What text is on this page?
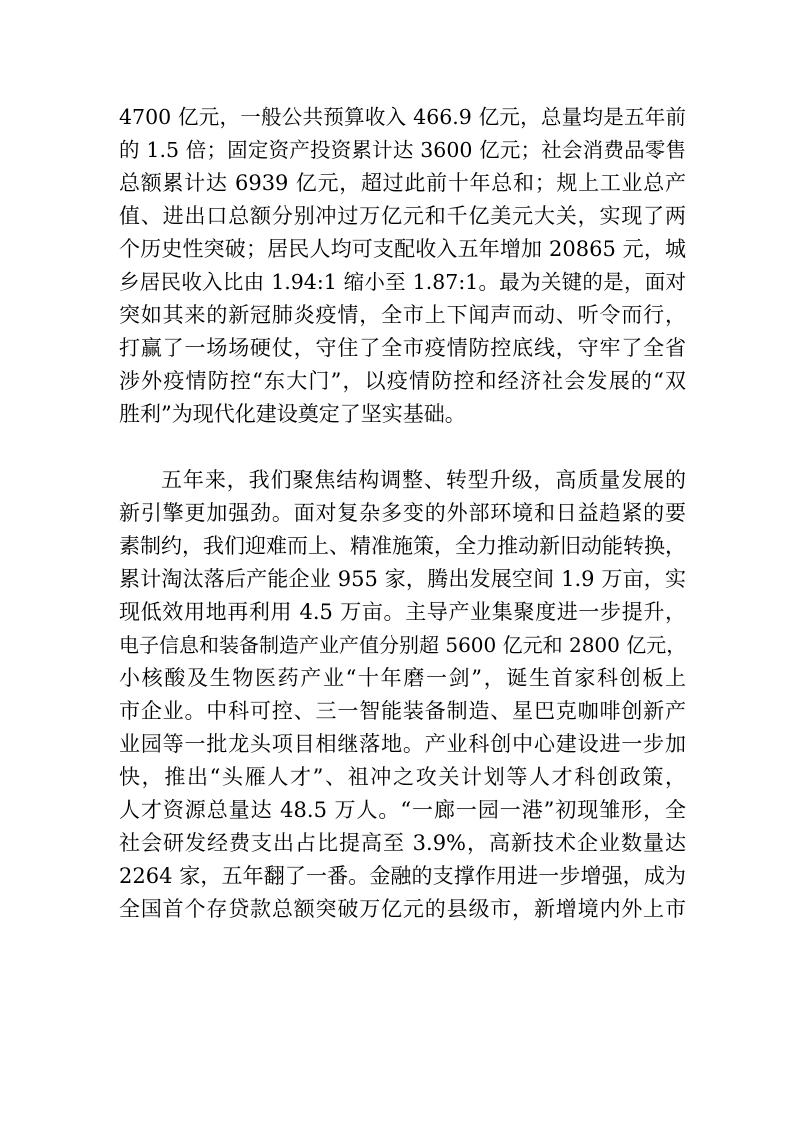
4700 亿元，一般公共预算收入 466.9 亿元，总量均是五年前
的 1.5 倍；固定资产投资累计达 3600 亿元；社会消费品零售
总额累计达 6939 亿元，超过此前十年总和；规上工业总产
值、进出口总额分别冲过万亿元和千亿美元大关，实现了两
个历史性突破；居民人均可支配收入五年增加 20865 元，城
乡居民收入比由 1.94:1 缩小至 1.87:1。最为关键的是，面对
突如其来的新冠肺炎疫情，全市上下闻声而动、听令而行，
打赢了一场场硬仗，守住了全市疫情防控底线，守牢了全省
涉外疫情防控“东大门”，以疫情防控和经济社会发展的“双
胜利”为现代化建设奠定了坚实基础。
五年来，我们聚焦结构调整、转型升级，高质量发展的
新引擎更加强劲。面对复杂多变的外部环境和日益趋紧的要
素制约，我们迎难而上、精准施策，全力推动新旧动能转换，
累计淘汰落后产能企业 955 家，腾出发展空间 1.9 万亩，实
现低效用地再利用 4.5 万亩。主导产业集聚度进一步提升，
电子信息和装备制造产业产值分别超 5600 亿元和 2800 亿元，
小核酸及生物医药产业“十年磨一剑”，诞生首家科创板上
市企业。中科可控、三一智能装备制造、星巴克咖啡创新产
业园等一批龙头项目相继落地。产业科创中心建设进一步加
快，推出“头雁人才”、祖冲之攻关计划等人才科创政策，
人才资源总量达 48.5 万人。“一廊一园一港”初现雏形，全
社会研发经费支出占比提高至 3.9%，高新技术企业数量达
2264 家，五年翻了一番。金融的支撑作用进一步增强，成为
全国首个存贷款总额突破万亿元的县级市，新增境内外上市
